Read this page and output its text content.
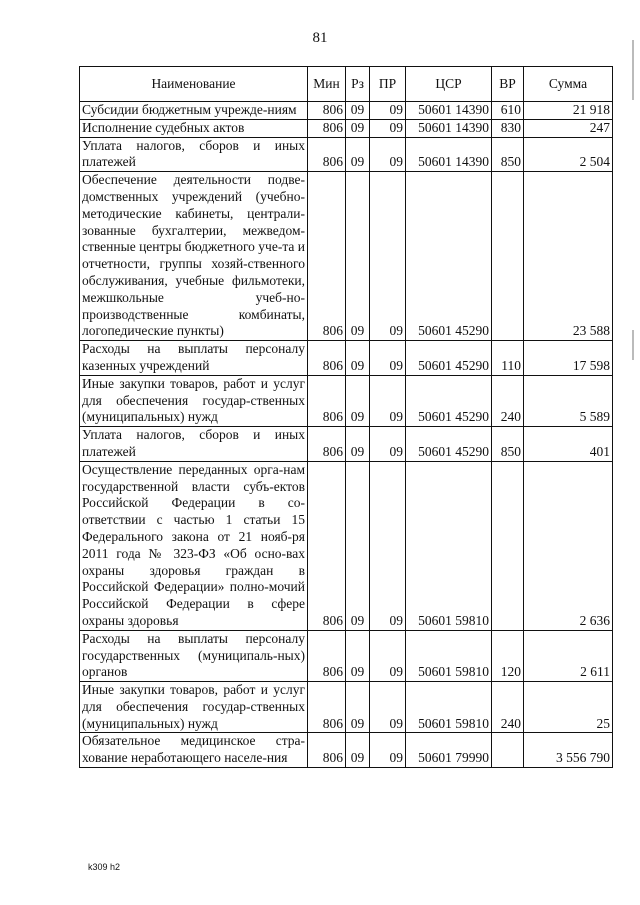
81
Наименование	Мин	Рз	ПР	ЦСР	ВР	Сумма
Субсидии бюджетным учрежде-ниям	806	09	09	50601 14390	610	21 918
Исполнение судебных актов	806	09	09	50601 14390	830	247
Уплата налогов, сборов и иных платежей	806	09	09	50601 14390	850	2 504
Обеспечение деятельности подве-домственных учреждений (учебно-методические кабинеты, централи-зованные бухгалтерии, межведом-ственные центры бюджетного уче-та и отчетности, группы хозяй-ственного обслуживания, учебные фильмотеки, межшкольные учеб-но-производственные комбинаты, логопедические пункты)	806	09	09	50601 45290		23 588
Расходы на выплаты персоналу казенных учреждений	806	09	09	50601 45290	110	17 598
Иные закупки товаров, работ и услуг для обеспечения государ-ственных (муниципальных) нужд	806	09	09	50601 45290	240	5 589
Уплата налогов, сборов и иных платежей	806	09	09	50601 45290	850	401
Осуществление переданных орга-нам государственной власти субъ-ектов Российской Федерации в со-ответствии с частью 1 статьи 15 Федерального закона от 21 нояб-ря 2011 года № 323-ФЗ «Об осно-вах охраны здоровья граждан в Российской Федерации» полно-мочий Российской Федерации в сфере охраны здоровья	806	09	09	50601 59810		2 636
Расходы на выплаты персоналу государственных (муниципаль-ных) органов	806	09	09	50601 59810	120	2 611
Иные закупки товаров, работ и услуг для обеспечения государ-ственных (муниципальных) нужд	806	09	09	50601 59810	240	25
Обязательное медицинское стра-хование неработающего населе-ния	806	09	09	50601 79990		3 556 790
k309 h2
